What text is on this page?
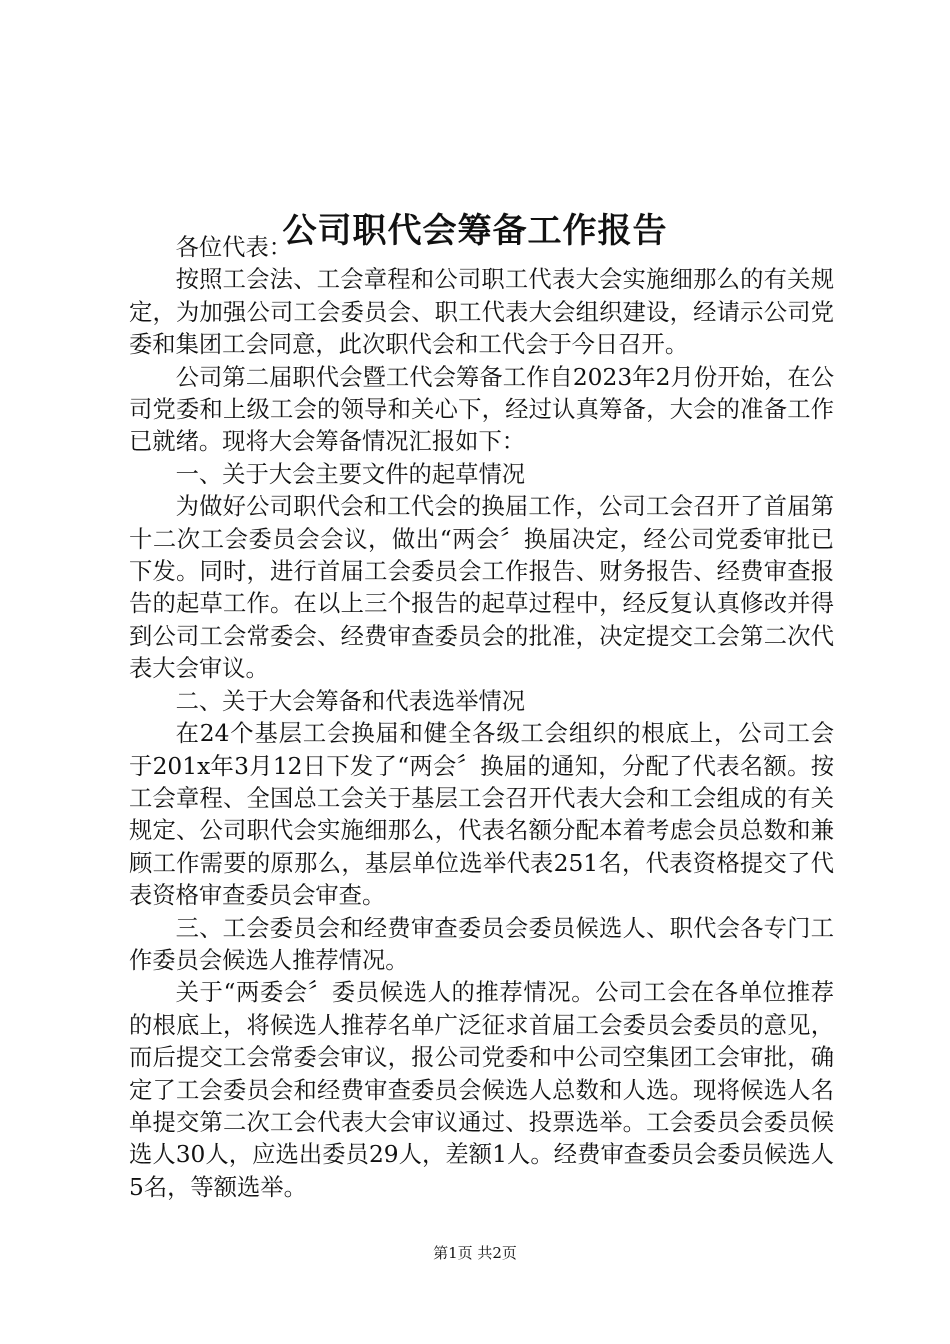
公司职代会筹备工作报告

各位代表：

按照工会法、工会章程和公司职工代表大会实施细那么的有关规定，为加强公司工会委员会、职工代表大会组织建设，经请示公司党委和集团工会同意，此次职代会和工代会于今日召开。

公司第二届职代会暨工代会筹备工作自2023年2月份开始，在公司党委和上级工会的领导和关心下，经过认真筹备，大会的准备工作已就绪。现将大会筹备情况汇报如下：

一、关于大会主要文件的起草情况

为做好公司职代会和工代会的换届工作，公司工会召开了首届第十二次工会委员会会议，做出“两会〞换届决定，经公司党委审批已下发。同时，进行首届工会委员会工作报告、财务报告、经费审查报告的起草工作。在以上三个报告的起草过程中，经反复认真修改并得到公司工会常委会、经费审查委员会的批准，决定提交工会第二次代表大会审议。

二、关于大会筹备和代表选举情况

在24个基层工会换届和健全各级工会组织的根底上，公司工会于201x年3月12日下发了“两会〞换届的通知，分配了代表名额。按工会章程、全国总工会关于基层工会召开代表大会和工会组成的有关规定、公司职代会实施细那么，代表名额分配本着考虑会员总数和兼顾工作需要的原那么，基层单位选举代表251名，代表资格提交了代表资格审查委员会审查。

三、工会委员会和经费审查委员会委员候选人、职代会各专门工作委员会候选人推荐情况。

关于“两委会〞委员候选人的推荐情况。公司工会在各单位推荐的根底上，将候选人推荐名单广泛征求首届工会委员会委员的意见，而后提交工会常委会审议，报公司党委和中公司空集团工会审批，确定了工会委员会和经费审查委员会候选人总数和人选。现将候选人名单提交第二次工会代表大会审议通过、投票选举。工会委员会委员候选人30人，应选出委员29人，差额1人。经费审查委员会委员候选人5名，等额选举。

第1页 共2页
